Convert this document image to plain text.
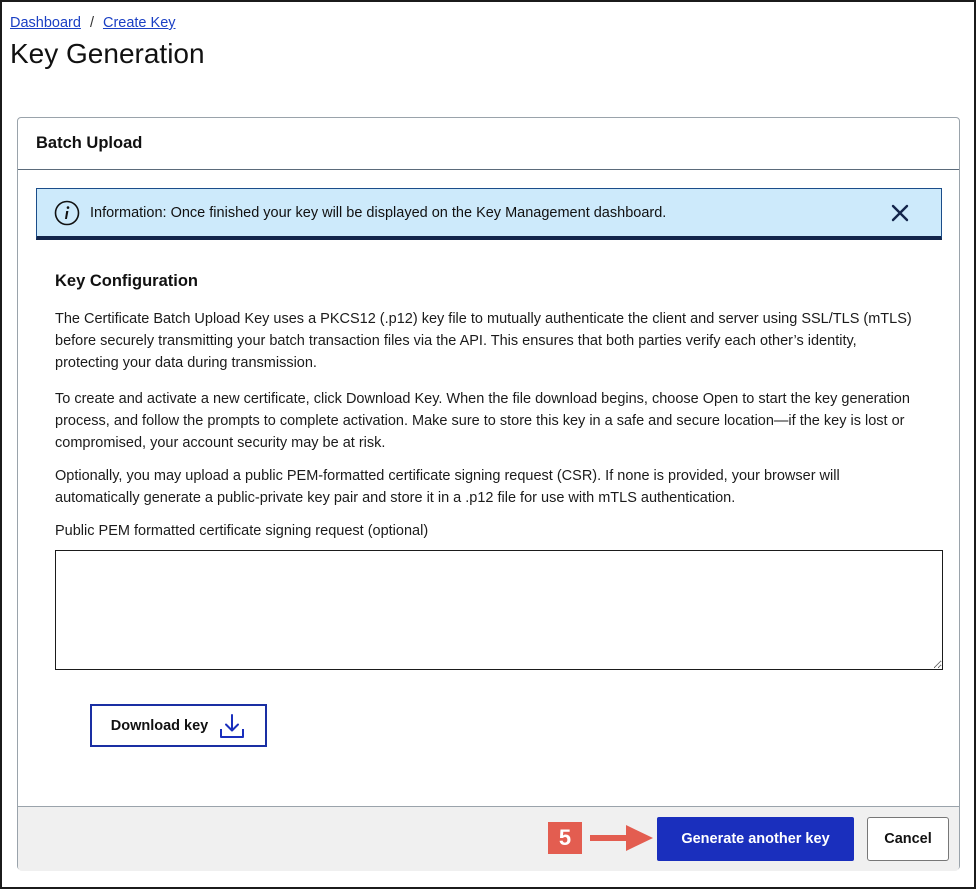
Dashboard / Create Key
Key Generation
Batch Upload
Information: Once finished your key will be displayed on the Key Management dashboard.
Key Configuration

The Certificate Batch Upload Key uses a PKCS12 (.p12) key file to mutually authenticate the client and server using SSL/TLS (mTLS) before securely transmitting your batch transaction files via the API. This ensures that both parties verify each other’s identity, protecting your data during transmission.

To create and activate a new certificate, click Download Key. When the file download begins, choose Open to start the key generation process, and follow the prompts to complete activation. Make sure to store this key in a safe and secure location—if the key is lost or compromised, your account security may be at risk.

Optionally, you may upload a public PEM-formatted certificate signing request (CSR). If none is provided, your browser will automatically generate a public-private key pair and store it in a .p12 file for use with mTLS authentication.

Public PEM formatted certificate signing request (optional)
Download key
5	Generate another key	Cancel
